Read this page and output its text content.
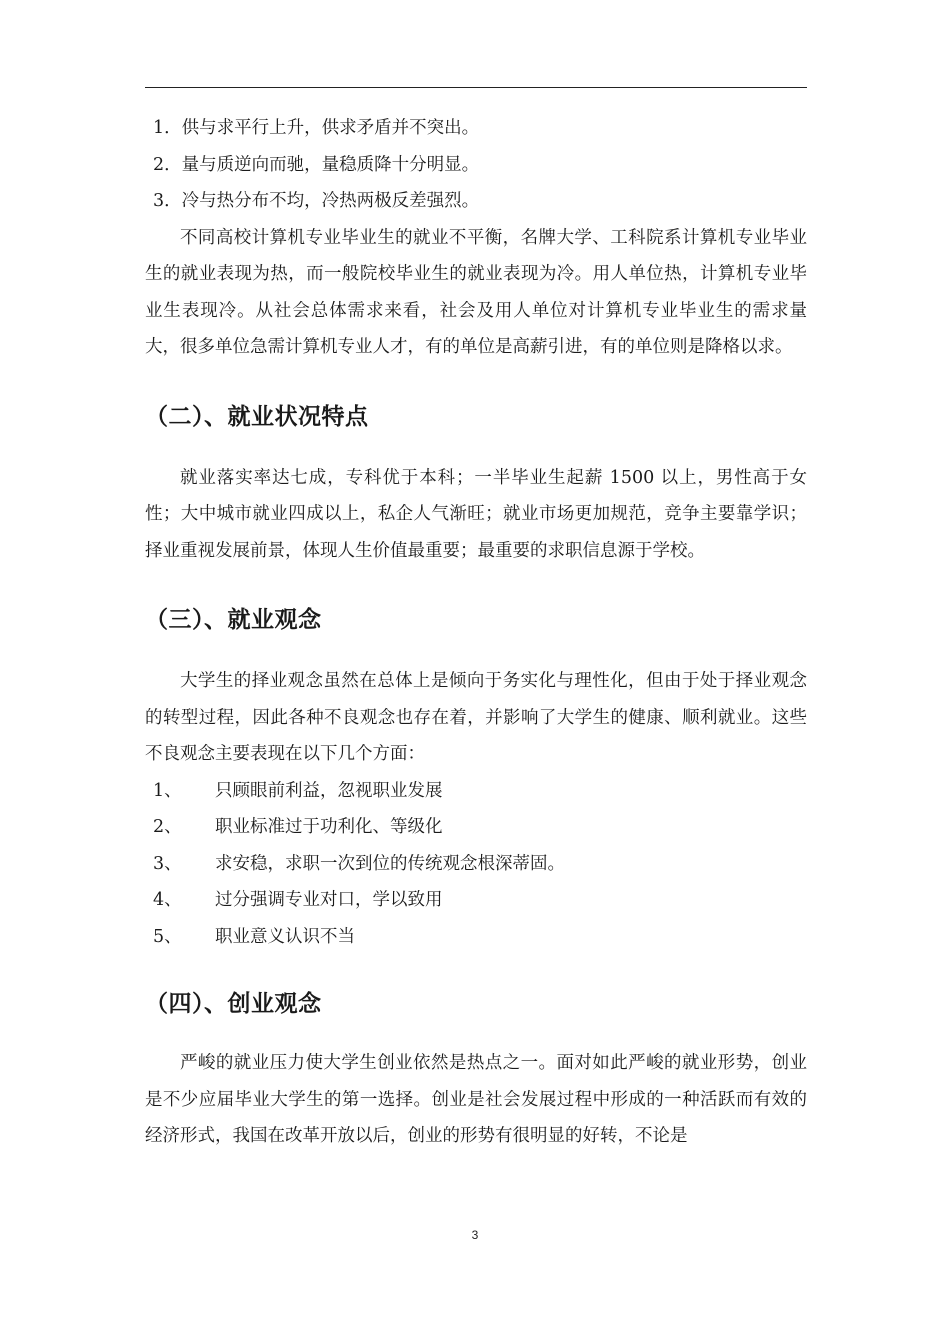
1．供与求平行上升，供求矛盾并不突出。
2．量与质逆向而驰，量稳质降十分明显。
3．冷与热分布不均，冷热两极反差强烈。

不同高校计算机专业毕业生的就业不平衡，名牌大学、工科院系计算机专业毕业生的就业表现为热，而一般院校毕业生的就业表现为冷。用人单位热，计算机专业毕业生表现冷。从社会总体需求来看，社会及用人单位对计算机专业毕业生的需求量大，很多单位急需计算机专业人才，有的单位是高薪引进，有的单位则是降格以求。

（二）、就业状况特点

就业落实率达七成，专科优于本科；一半毕业生起薪 1500 以上，男性高于女性；大中城市就业四成以上，私企人气渐旺；就业市场更加规范，竞争主要靠学识；择业重视发展前景，体现人生价值最重要；最重要的求职信息源于学校。

（三）、就业观念

大学生的择业观念虽然在总体上是倾向于务实化与理性化，但由于处于择业观念的转型过程，因此各种不良观念也存在着，并影响了大学生的健康、顺利就业。这些不良观念主要表现在以下几个方面：

1、 只顾眼前利益，忽视职业发展
2、 职业标准过于功利化、等级化
3、 求安稳，求职一次到位的传统观念根深蒂固。
4、 过分强调专业对口，学以致用
5、 职业意义认识不当
（四）、创业观念

严峻的就业压力使大学生创业依然是热点之一。面对如此严峻的就业形势，创业是不少应届毕业大学生的第一选择。创业是社会发展过程中形成的一种活跃而有效的经济形式，我国在改革开放以后，创业的形势有很明显的好转，不论是

3
